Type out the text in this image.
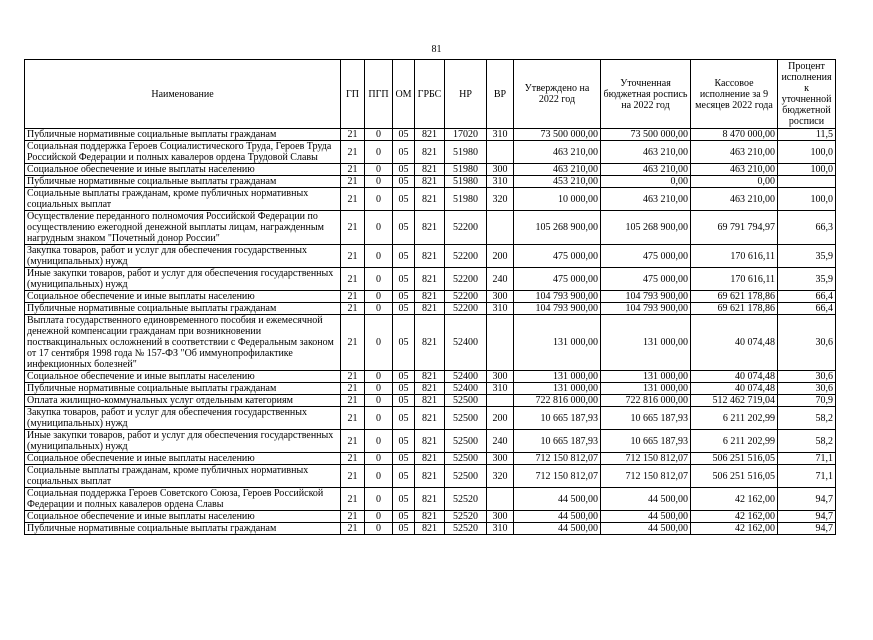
81
Наименование	ГП	ПГП	ОМ	ГРБС	НР	ВР	Утверждено на 2022 год	Уточненная бюджетная роспись на 2022 год	Кассовое исполнение за 9 месяцев 2022 года	Процент исполнения к уточненной бюджетной росписи
Публичные нормативные социальные выплаты гражданам	21	0	05	821	17020	310	73 500 000,00	73 500 000,00	8 470 000,00	11,5
Социальная поддержка Героев Социалистического Труда, Героев Труда Российской Федерации и полных кавалеров ордена Трудовой Славы	21	0	05	821	51980		463 210,00	463 210,00	463 210,00	100,0
Социальное обеспечение и иные выплаты населению	21	0	05	821	51980	300	463 210,00	463 210,00	463 210,00	100,0
Публичные нормативные социальные выплаты гражданам	21	0	05	821	51980	310	453 210,00	0,00	0,00	
Социальные выплаты гражданам, кроме публичных нормативных социальных выплат	21	0	05	821	51980	320	10 000,00	463 210,00	463 210,00	100,0
Осуществление переданного полномочия Российской Федерации по осуществлению ежегодной денежной выплаты лицам, награжденным нагрудным знаком "Почетный донор России"	21	0	05	821	52200		105 268 900,00	105 268 900,00	69 791 794,97	66,3
Закупка товаров, работ и услуг для обеспечения государственных (муниципальных) нужд	21	0	05	821	52200	200	475 000,00	475 000,00	170 616,11	35,9
Иные закупки товаров, работ и услуг для обеспечения государственных (муниципальных) нужд	21	0	05	821	52200	240	475 000,00	475 000,00	170 616,11	35,9
Социальное обеспечение и иные выплаты населению	21	0	05	821	52200	300	104 793 900,00	104 793 900,00	69 621 178,86	66,4
Публичные нормативные социальные выплаты гражданам	21	0	05	821	52200	310	104 793 900,00	104 793 900,00	69 621 178,86	66,4
Выплата государственного единовременного пособия и ежемесячной денежной компенсации гражданам при возникновении поствакцинальных осложнений в соответствии с Федеральным законом от 17 сентября 1998 года № 157-ФЗ "Об иммунопрофилактике инфекционных болезней"	21	0	05	821	52400		131 000,00	131 000,00	40 074,48	30,6
Социальное обеспечение и иные выплаты населению	21	0	05	821	52400	300	131 000,00	131 000,00	40 074,48	30,6
Публичные нормативные социальные выплаты гражданам	21	0	05	821	52400	310	131 000,00	131 000,00	40 074,48	30,6
Оплата жилищно-коммунальных услуг отдельным категориям	21	0	05	821	52500		722 816 000,00	722 816 000,00	512 462 719,04	70,9
Закупка товаров, работ и услуг для обеспечения государственных (муниципальных) нужд	21	0	05	821	52500	200	10 665 187,93	10 665 187,93	6 211 202,99	58,2
Иные закупки товаров, работ и услуг для обеспечения государственных (муниципальных) нужд	21	0	05	821	52500	240	10 665 187,93	10 665 187,93	6 211 202,99	58,2
Социальное обеспечение и иные выплаты населению	21	0	05	821	52500	300	712 150 812,07	712 150 812,07	506 251 516,05	71,1
Социальные выплаты гражданам, кроме публичных нормативных социальных выплат	21	0	05	821	52500	320	712 150 812,07	712 150 812,07	506 251 516,05	71,1
Социальная поддержка Героев Советского Союза, Героев Российской Федерации и полных кавалеров ордена Славы	21	0	05	821	52520		44 500,00	44 500,00	42 162,00	94,7
Социальное обеспечение и иные выплаты населению	21	0	05	821	52520	300	44 500,00	44 500,00	42 162,00	94,7
Публичные нормативные социальные выплаты гражданам	21	0	05	821	52520	310	44 500,00	44 500,00	42 162,00	94,7
